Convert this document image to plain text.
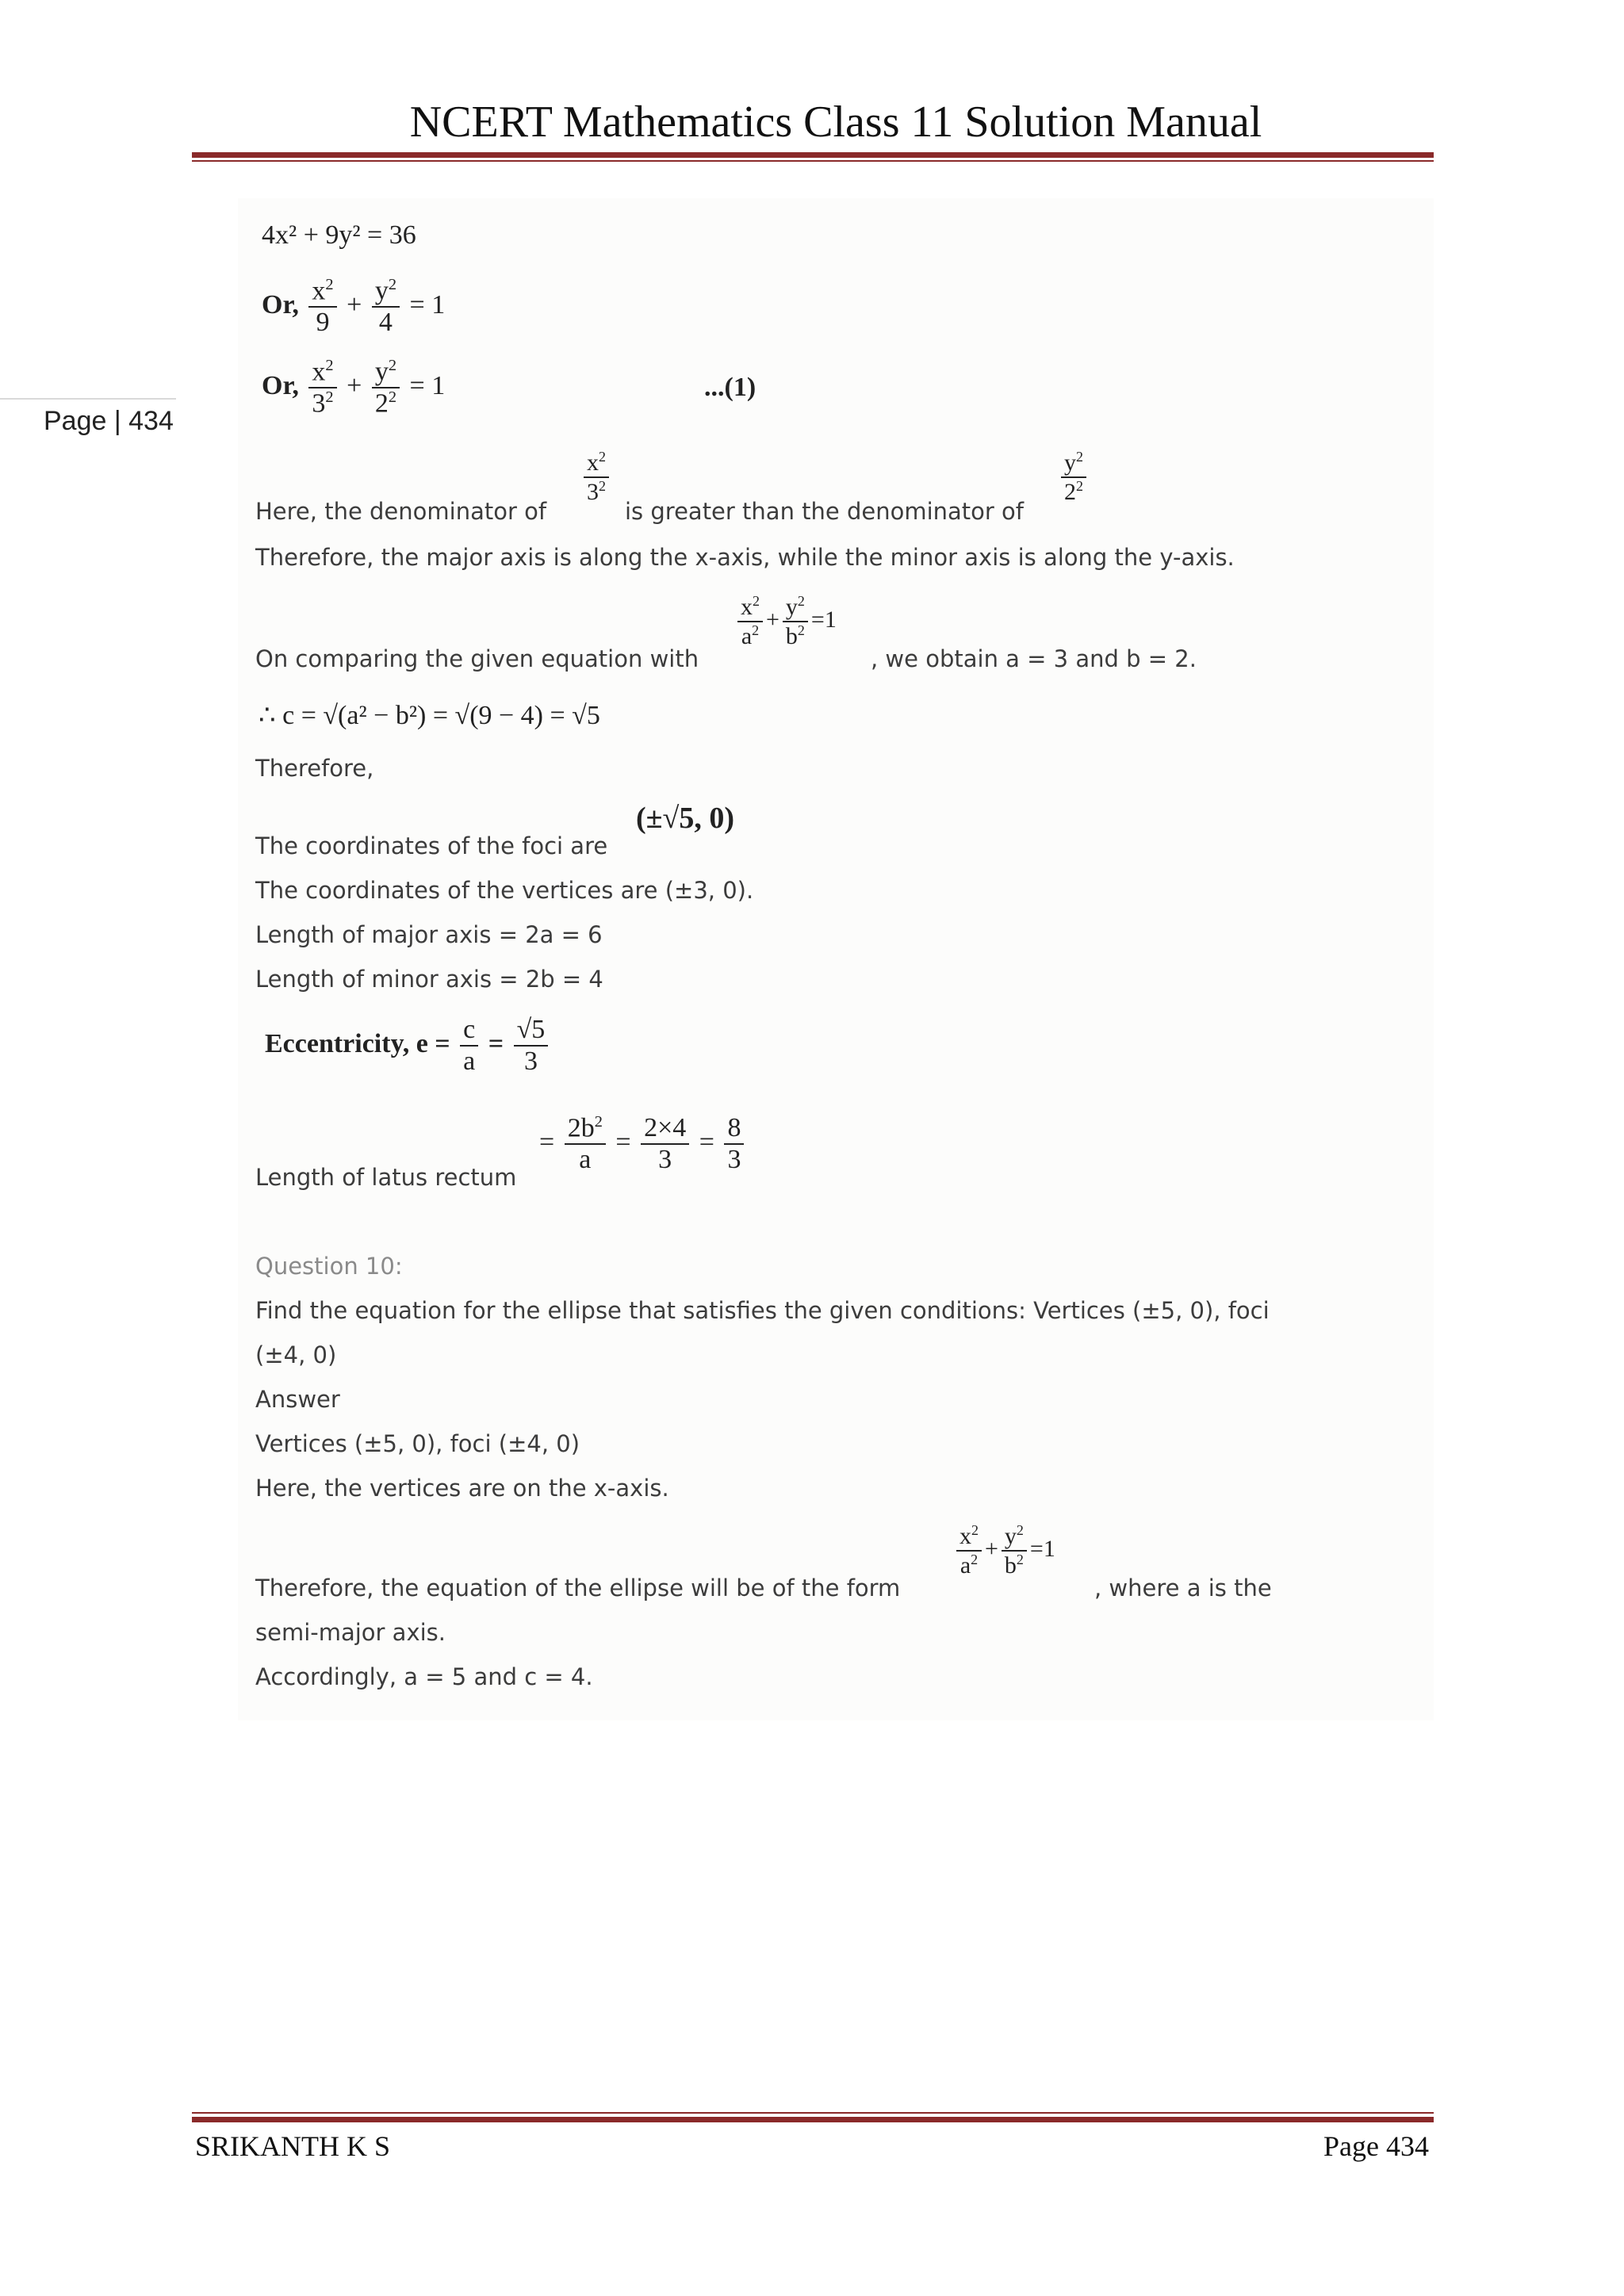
NCERT Mathematics Class 11 Solution Manual
Page | 434
4x² + 9y² = 36
Or, $\frac{x^2}{9} + \frac{y^2}{4} = 1$
Or, $\frac{x^2}{3^2} + \frac{y^2}{2^2} = 1$	...(1)
Here, the denominator of
$\frac{x^2}{3^2}$
is greater than the denominator of
$\frac{y^2}{2^2}$
Therefore, the major axis is along the x-axis, while the minor axis is along the y-axis.
On comparing the given equation with
$\frac{x^2}{a^2} + \frac{y^2}{b^2} =1$
, we obtain a = 3 and b = 2.
∴ c = √(a² − b²) = √(9 − 4) = √5
Therefore,
The coordinates of the foci are
(±√5, 0)
The coordinates of the vertices are (±3, 0).
Length of major axis = 2a = 6
Length of minor axis = 2b = 4
Eccentricity, $e = \frac{c}{a} = \frac{√5}{3}$
Length of latus rectum
= $\frac{2b^2}{a} = \frac{2\times 4}{3} = \frac{8}{3}$
Question 10:
Find the equation for the ellipse that satisfies the given conditions: Vertices (±5, 0), foci
(±4, 0)
Answer
Vertices (±5, 0), foci (±4, 0)
Here, the vertices are on the x-axis.
Therefore, the equation of the ellipse will be of the form
$\frac{x^2}{a^2} + \frac{y^2}{b^2} =1$
, where a is the
semi-major axis.
Accordingly, a = 5 and c = 4.
SRIKANTH K S	Page 434
